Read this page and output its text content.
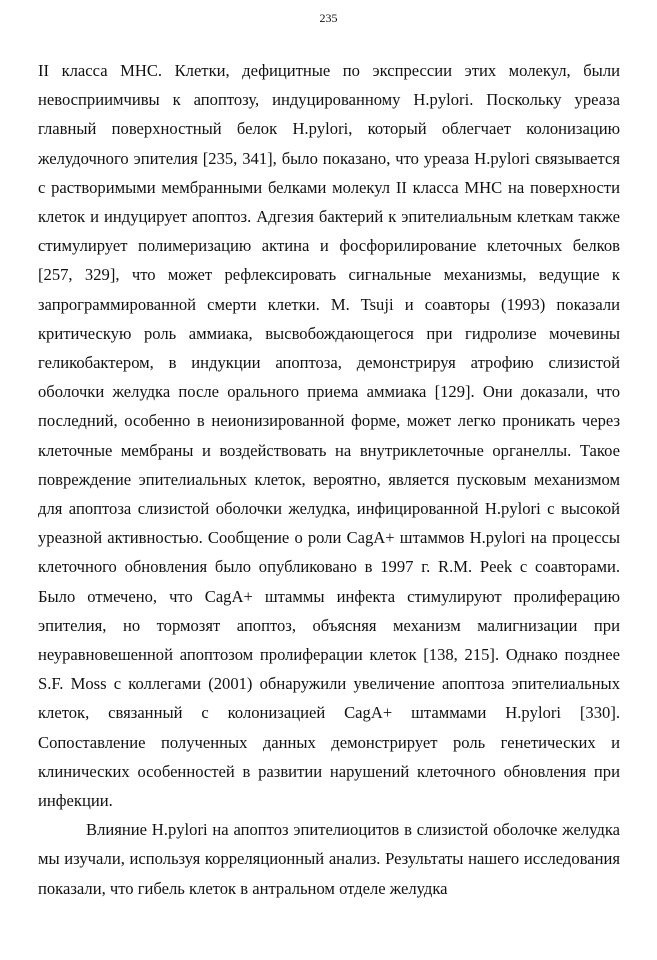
235

II класса МНС. Клетки, дефицитные по экспрессии этих молекул, были невосприимчивы к апоптозу, индуцированному H.pylori. Поскольку уреаза главный поверхностный белок H.pylori, который облегчает колонизацию желудочного эпителия [235, 341], было показано, что уреаза H.pylori связывается с растворимыми мембранными белками молекул II класса МНС на поверхности клеток и индуцирует апоптоз. Адгезия бактерий к эпителиальным клеткам также стимулирует полимеризацию актина и фосфорилирование клеточных белков [257, 329], что может рефлексировать сигнальные механизмы, ведущие к запрограммированной смерти клетки. M. Tsuji и соавторы (1993) показали критическую роль аммиака, высвобождающегося при гидролизе мочевины геликобактером, в индукции апоптоза, демонстрируя атрофию слизистой оболочки желудка после орального приема аммиака [129]. Они доказали, что последний, особенно в неионизированной форме, может легко проникать через клеточные мембраны и воздействовать на внутриклеточные органеллы. Такое повреждение эпителиальных клеток, вероятно, является пусковым механизмом для апоптоза слизистой оболочки желудка, инфицированной H.pylori с высокой уреазной активностью. Сообщение о роли CagA+ штаммов H.pylori на процессы клеточного обновления было опубликовано в 1997 г. R.M. Peek с соавторами. Было отмечено, что CagA+ штаммы инфекта стимулируют пролиферацию эпителия, но тормозят апоптоз, объясняя механизм малигнизации при неуравновешенной апоптозом пролиферации клеток [138, 215]. Однако позднее S.F. Moss с коллегами (2001) обнаружили увеличение апоптоза эпителиальных клеток, связанный с колонизацией CagA+ штаммами H.pylori [330]. Сопоставление полученных данных демонстрирует роль генетических и клинических особенностей в развитии нарушений клеточного обновления при инфекции.

Влияние H.pylori на апоптоз эпителиоцитов в слизистой оболочке желудка мы изучали, используя корреляционный анализ. Результаты нашего исследования показали, что гибель клеток в антральном отделе желудка
